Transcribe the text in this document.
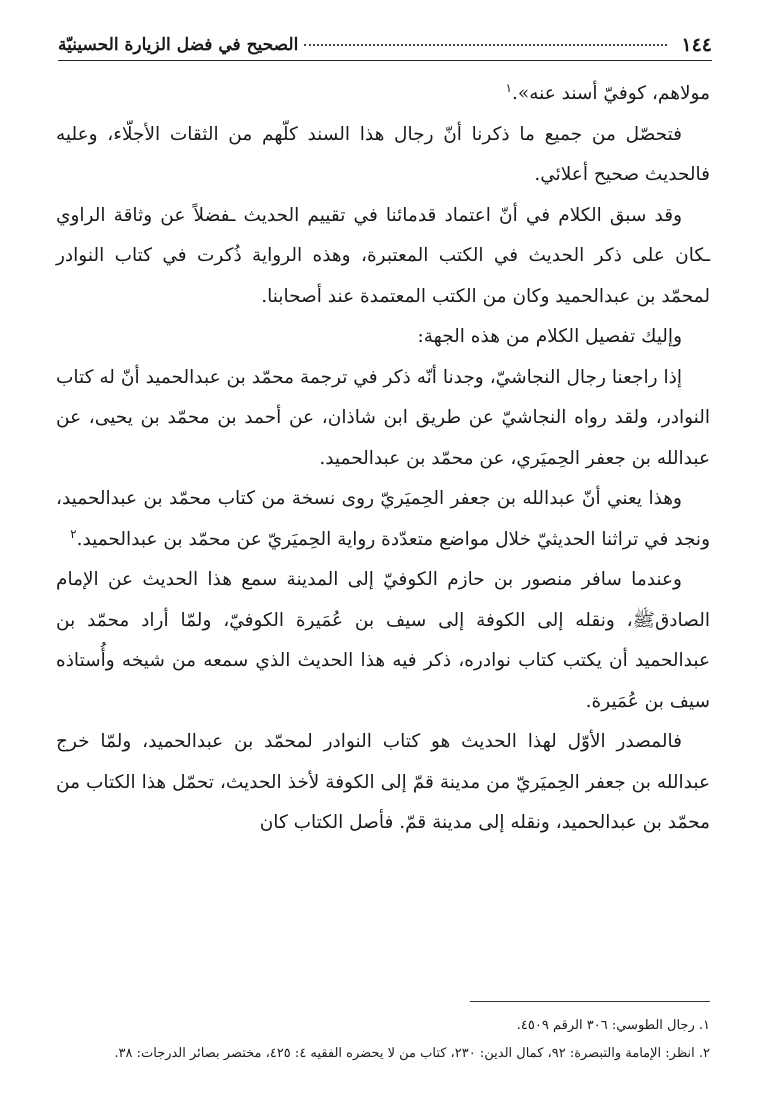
١٤٤
الصحيح في فضل الزيارة الحسينيّة

مولاهم، كوفيّ أسند عنه».$^١$

فتحصّل من جميع ما ذكرنا أنّ رجال هذا السند كلّهم من الثقات الأجلّاء، وعليه فالحديث صحيح أعلائي.

وقد سبق الكلام في أنّ اعتماد قدمائنا في تقييم الحديث ـفضلاً عن وثاقة الراوي ـكان على ذكر الحديث في الكتب المعتبرة، وهذه الرواية ذُكرت في كتاب النوادر لمحمّد بن عبدالحميد وكان من الكتب المعتمدة عند أصحابنا.

وإليك تفصيل الكلام من هذه الجهة:

إذا راجعنا رجال النجاشيّ، وجدنا أنّه ذكر في ترجمة محمّد بن عبدالحميد أنّ له كتاب النوادر، ولقد رواه النجاشيّ عن طريق ابن شاذان، عن أحمد بن محمّد بن يحيى، عن عبدالله بن جعفر الحِميَري، عن محمّد بن عبدالحميد.

وهذا يعني أنّ عبدالله بن جعفر الحِميَريّ روى نسخة من كتاب محمّد بن عبدالحميد، ونجد في تراثنا الحديثيّ خلال مواضع متعدّدة رواية الحِميَريّ عن محمّد بن عبدالحميد.$^٢$

وعندما سافر منصور بن حازم الكوفيّ إلى المدينة سمع هذا الحديث عن الإمام الصادقﷺ، ونقله إلى الكوفة إلى سيف بن عُمَيرة الكوفيّ، ولمّا أراد محمّد بن عبدالحميد أن يكتب كتاب نوادره، ذكر فيه هذا الحديث الذي سمعه من شيخه وأُستاذه سيف بن عُمَيرة.

فالمصدر الأوّل لهذا الحديث هو كتاب النوادر لمحمّد بن عبدالحميد، ولمّا خرج عبدالله بن جعفر الحِميَريّ من مدينة قمّ إلى الكوفة لأخذ الحديث، تحمّل هذا الكتاب من محمّد بن عبدالحميد، ونقله إلى مدينة قمّ. فأصل الكتاب كان

١. رجال الطوسي: ٣٠٦ الرقم ٤٥٠٩.
٢. انظر: الإمامة والتبصرة: ٩٢، كمال الدين: ٢٣٠، كتاب من لا يحضره الفقيه ٤: ٤٢٥، مختصر بصائر الدرجات: ٣٨.
